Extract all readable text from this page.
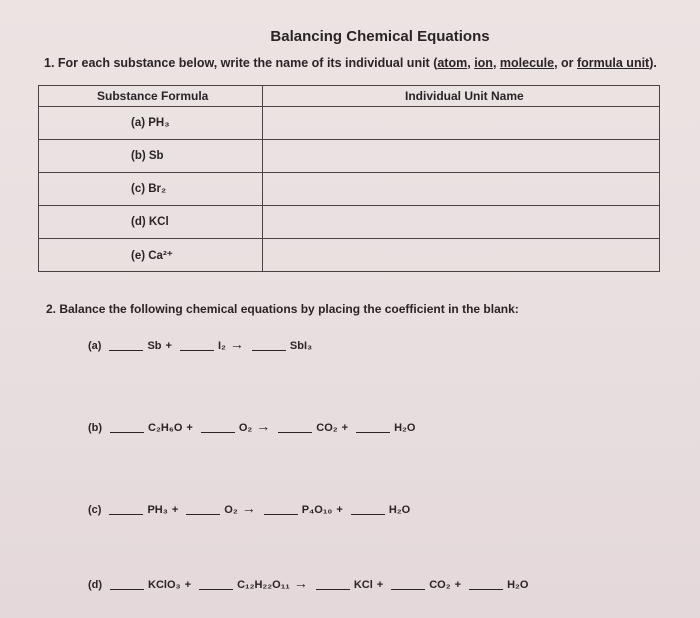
Balancing Chemical Equations
1. For each substance below, write the name of its individual unit (atom, ion, molecule, or formula unit).
Substance Formula	Individual Unit Name
(a) PH₃	
(b) Sb	
(c) Br₂	
(d) KCl	
(e) Ca²⁺	
2. Balance the following chemical equations by placing the coefficient in the blank:
(a)	Sb +	I₂ →	SbI₃
(b)	C₂H₆O +	O₂ →	CO₂ +	H₂O
(c)	PH₃ +	O₂ →	P₄O₁₀ +	H₂O
(d)	KClO₃ +	C₁₂H₂₂O₁₁ →	KCl +	CO₂ +	H₂O
